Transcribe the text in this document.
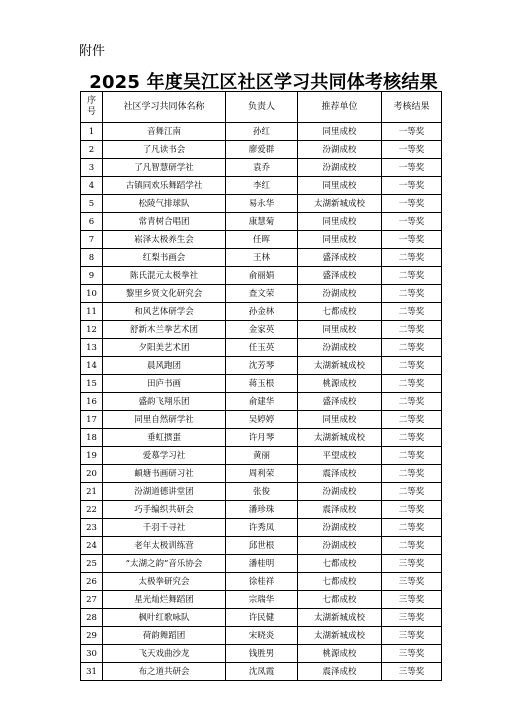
附件
2025 年度吴江区社区学习共同体考核结果
序
号	社区学习共同体名称	负责人	推荐单位	考核结果
1	音舞江南	孙红	同里成校	一等奖
2	了凡读书会	廖爱群	汾湖成校	一等奖
3	了凡智慧研学社	袁乔	汾湖成校	一等奖
4	古镇同欢乐舞蹈学社	李红	同里成校	一等奖
5	松陵气排球队	易永华	太湖新城成校	一等奖
6	常青树合唱团	康慧菊	同里成校	一等奖
7	崧泽太极养生会	任晖	同里成校	一等奖
8	红梨书画会	王林	盛泽成校	二等奖
9	陈氏混元太极拳社	俞丽娟	盛泽成校	二等奖
10	黎里乡贤文化研究会	查文荣	汾湖成校	二等奖
11	和风艺体研学会	孙金林	七都成校	二等奖
12	舒新木兰拳艺术团	金家英	同里成校	二等奖
13	夕阳美艺术团	任玉英	汾湖成校	二等奖
14	晨风跑团	沈芳琴	太湖新城成校	二等奖
15	田庐书画	蒋玉根	桃源成校	二等奖
16	盛韵飞翔乐团	俞建华	盛泽成校	二等奖
17	同里自然研学社	吴婷婷	同里成校	二等奖
18	垂虹掼蛋	许月琴	太湖新城成校	二等奖
19	爱慕学习社	黄丽	平望成校	二等奖
20	頔塘书画研习社	周利荣	震泽成校	二等奖
21	汾湖道德讲堂团	张俊	汾湖成校	二等奖
22	巧手编织共研会	潘珍珠	震泽成校	二等奖
23	千羽千寻社	许秀凤	汾湖成校	二等奖
24	老年太极训练营	邱世根	汾湖成校	二等奖
25	“太湖之韵”音乐协会	潘桂明	七都成校	三等奖
26	太极拳研究会	徐桂祥	七都成校	三等奖
27	星光灿烂舞蹈团	宗瑞华	七都成校	三等奖
28	枫叶红歌咏队	许民健	太湖新城成校	三等奖
29	荷韵舞蹈团	宋晓炎	太湖新城成校	三等奖
30	飞天戏曲沙龙	钱胜男	桃源成校	三等奖
31	布之道共研会	沈凤霞	震泽成校	三等奖
